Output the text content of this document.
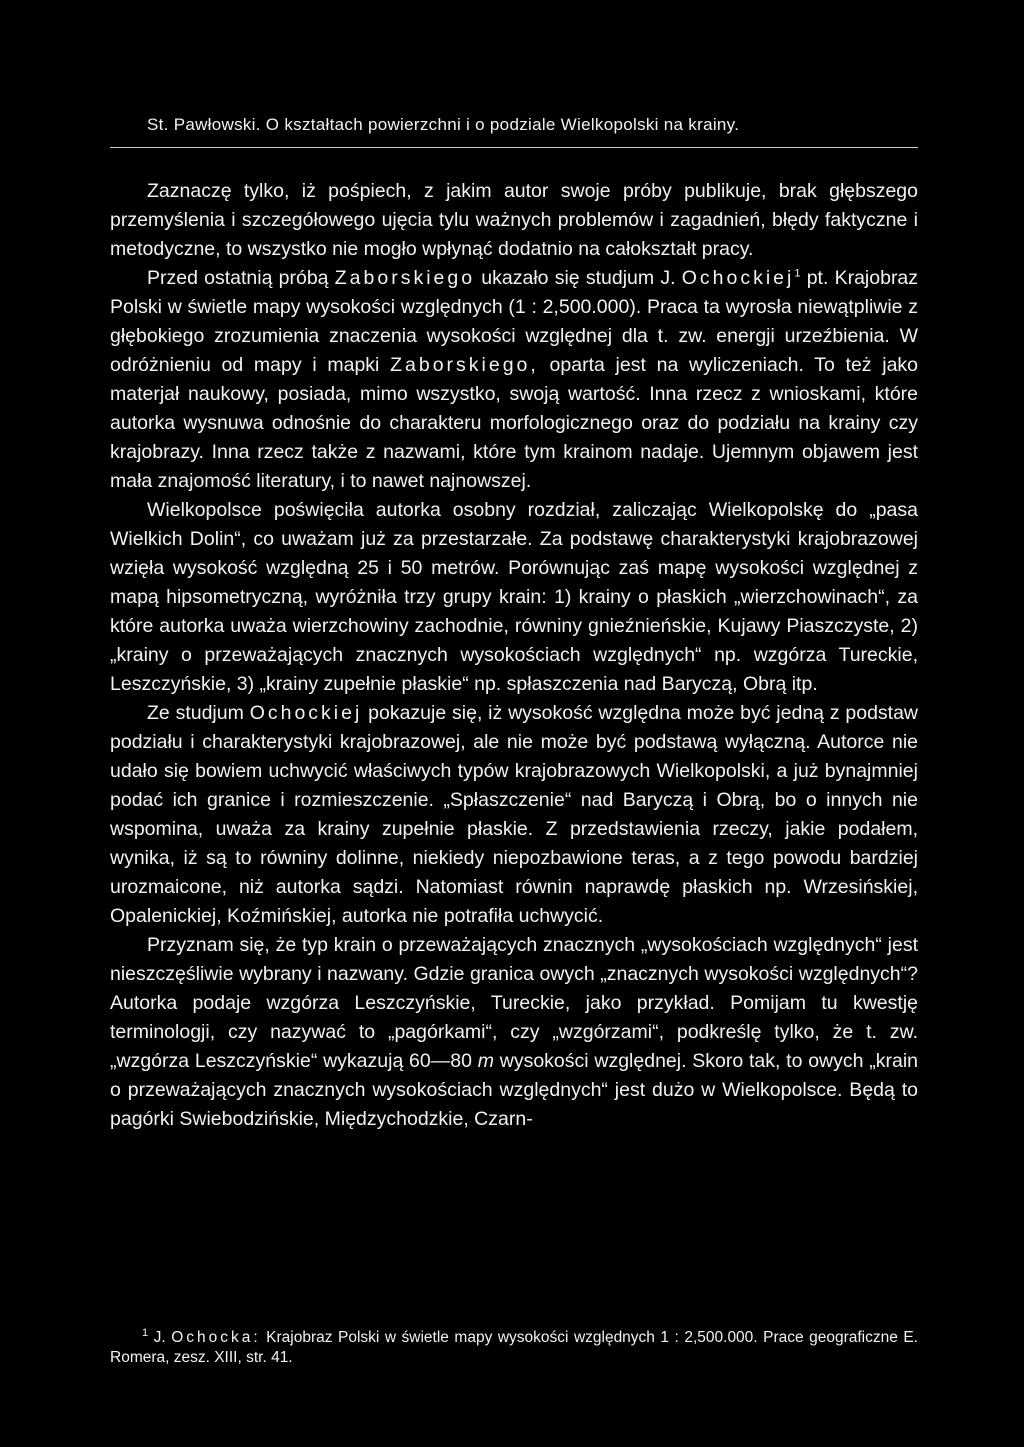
St. Pawłowski. O kształtach powierzchni i o podziale Wielkopolski na krainy.

Zaznaczę tylko, iż pośpiech, z jakim autor swoje próby publikuje, brak głębszego przemyślenia i szczegółowego ujęcia tylu ważnych problemów i zagadnień, błędy faktyczne i metodyczne, to wszystko nie mogło wpłynąć dodatnio na całokształt pracy.

Przed ostatnią próbą Zaborskiego ukazało się studjum J. Ochockiej$^1$ pt. Krajobraz Polski w świetle mapy wysokości względnych (1 : 2,500.000). Praca ta wyrosła niewątpliwie z głębokiego zrozumienia znaczenia wysokości względnej dla t. zw. energji urzeźbienia. W odróżnieniu od mapy i mapki Zaborskiego, oparta jest na wyliczeniach. To też jako materjał naukowy, posiada, mimo wszystko, swoją wartość. Inna rzecz z wnioskami, które autorka wysnuwa odnośnie do charakteru morfologicznego oraz do podziału na krainy czy krajobrazy. Inna rzecz także z nazwami, które tym krainom nadaje. Ujemnym objawem jest mała znajomość literatury, i to nawet najnowszej.

Wielkopolsce poświęciła autorka osobny rozdział, zaliczając Wielkopolskę do „pasa Wielkich Dolin“, co uważam już za przestarzałe. Za podstawę charakterystyki krajobrazowej wzięła wysokość względną 25 i 50 metrów. Porównując zaś mapę wysokości względnej z mapą hipsometryczną, wyróżniła trzy grupy krain: 1) krainy o płaskich „wierzchowinach“, za które autorka uważa wierzchowiny zachodnie, równiny gnieźnieńskie, Kujawy Piaszczyste, 2) „krainy o przeważających znacznych wysokościach względnych“ np. wzgórza Tureckie, Leszczyńskie, 3) „krainy zupełnie płaskie“ np. spłaszczenia nad Baryczą, Obrą itp.

Ze studjum Ochockiej pokazuje się, iż wysokość względna może być jedną z podstaw podziału i charakterystyki krajobrazowej, ale nie może być podstawą wyłączną. Autorce nie udało się bowiem uchwycić właściwych typów krajobrazowych Wielkopolski, a już bynajmniej podać ich granice i rozmieszczenie. „Spłaszczenie“ nad Baryczą i Obrą, bo o innych nie wspomina, uważa za krainy zupełnie płaskie. Z przedstawienia rzeczy, jakie podałem, wynika, iż są to równiny dolinne, niekiedy niepozbawione teras, a z tego powodu bardziej urozmaicone, niż autorka sądzi. Natomiast równin naprawdę płaskich np. Wrzesińskiej, Opalenickiej, Koźmińskiej, autorka nie potrafiła uchwycić.

Przyznam się, że typ krain o przeważających znacznych „wysokościach względnych“ jest nieszczęśliwie wybrany i nazwany. Gdzie granica owych „znacznych wysokości względnych“? Autorka podaje wzgórza Leszczyńskie, Tureckie, jako przykład. Pomijam tu kwestję terminologji, czy nazywać to „pagórkami“, czy „wzgórzami“, podkreślę tylko, że t. zw. „wzgórza Leszczyńskie“ wykazują 60—80 m wysokości względnej. Skoro tak, to owych „krain o przeważających znacznych wysokościach względnych“ jest dużo w Wielkopolsce. Będą to pagórki Swiebodzińskie, Międzychodzkie, Czarn-

$^1$ J. Ochocka: Krajobraz Polski w świetle mapy wysokości względnych 1 : 2,500.000. Prace geograficzne E. Romera, zesz. XIII, str. 41.
